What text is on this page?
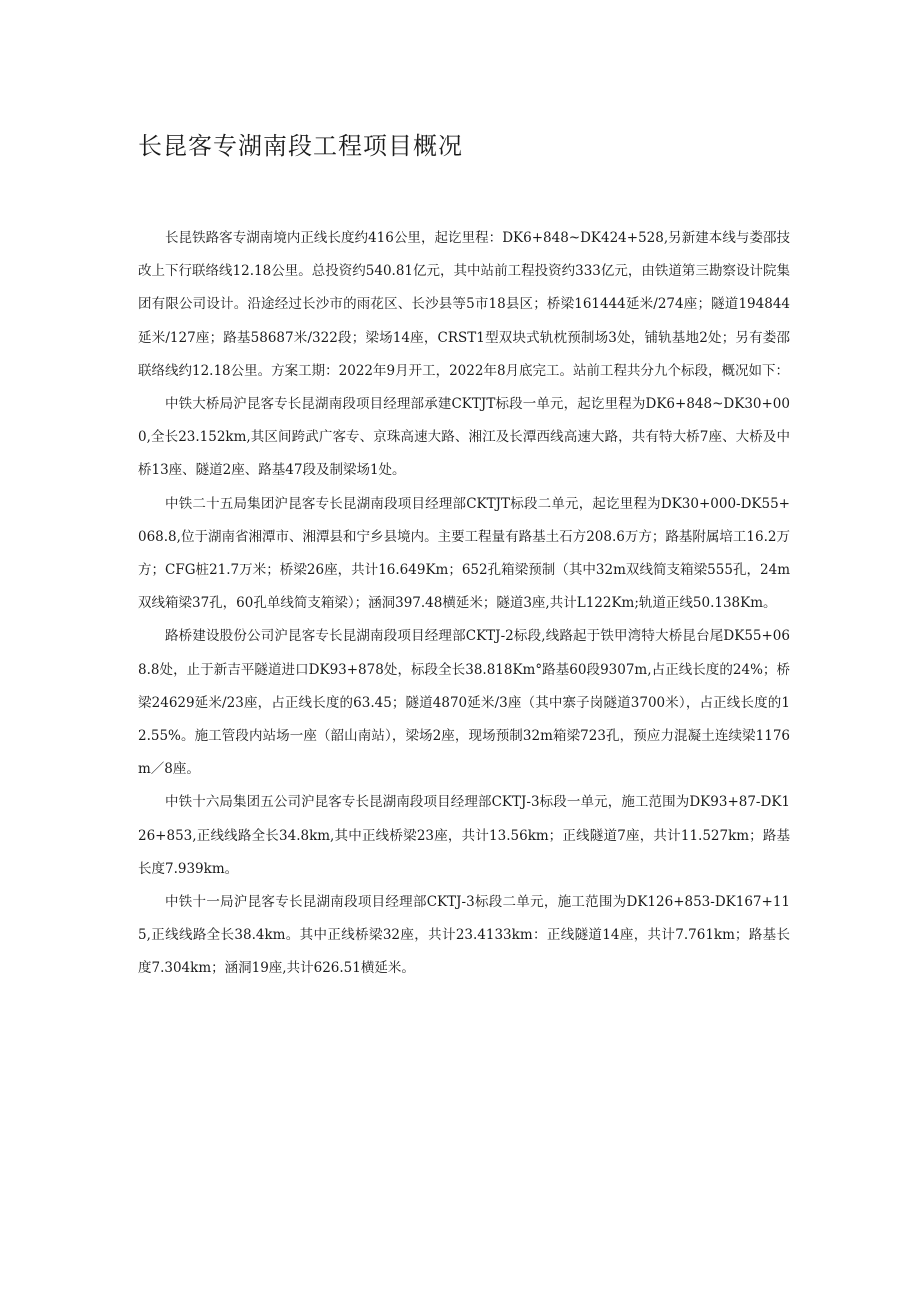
长昆客专湖南段工程项目概况

长昆铁路客专湖南境内正线长度约416公里，起讫里程：DK6+848~DK424+528,另新建本线与娄邵技改上下行联络线12.18公里。总投资约540.81亿元，其中站前工程投资约333亿元，由铁道第三勘察设计院集团有限公司设计。沿途经过长沙市的雨花区、长沙县等5市18县区；桥梁161444延米/274座；隧道194844延米/127座；路基58687米/322段；梁场14座，CRST1型双块式轨枕预制场3处，铺轨基地2处；另有娄邵联络线约12.18公里。方案工期：2022年9月开工，2022年8月底完工。站前工程共分九个标段，概况如下：

中铁大桥局沪昆客专长昆湖南段项目经理部承建CKTJT标段一单元，起讫里程为DK6+848~DK30+000,全长23.152km,其区间跨武广客专、京珠高速大路、湘江及长潭西线高速大路，共有特大桥7座、大桥及中桥13座、隧道2座、路基47段及制梁场1处。

中铁二十五局集团沪昆客专长昆湖南段项目经理部CKTJT标段二单元，起讫里程为DK30+000-DK55+068.8,位于湖南省湘潭市、湘潭县和宁乡县境内。主要工程量有路基土石方208.6万方；路基附属培工16.2万方；CFG桩21.7万米；桥梁26座，共计16.649Km；652孔箱梁预制（其中32m双线简支箱梁555孔，24m双线箱梁37孔，60孔单线简支箱梁）；涵洞397.48横延米；隧道3座,共计L122Km;轨道正线50.138Km。

路桥建设股份公司沪昆客专长昆湖南段项目经理部CKTJ-2标段,线路起于铁甲湾特大桥昆台尾DK55+068.8处，止于新吉平隧道进口DK93+878处，标段全长38.818Km°路基60段9307m,占正线长度的24%；桥梁24629延米/23座，占正线长度的63.45；隧道4870延米/3座（其中寨子岗隧道3700米），占正线长度的12.55%。施工管段内站场一座（韶山南站），梁场2座，现场预制32m箱梁723孔，预应力混凝土连续梁1176m／8座。

中铁十六局集团五公司沪昆客专长昆湖南段项目经理部CKTJ-3标段一单元，施工范围为DK93+87-DK126+853,正线线路全长34.8km,其中正线桥梁23座，共计13.56km；正线隧道7座，共计11.527km；路基长度7.939km。

中铁十一局沪昆客专长昆湖南段项目经理部CKTJ-3标段二单元，施工范围为DK126+853-DK167+115,正线线路全长38.4km。其中正线桥梁32座，共计23.4133km：正线隧道14座，共计7.761km；路基长度7.304km；涵洞19座,共计626.51横延米。
